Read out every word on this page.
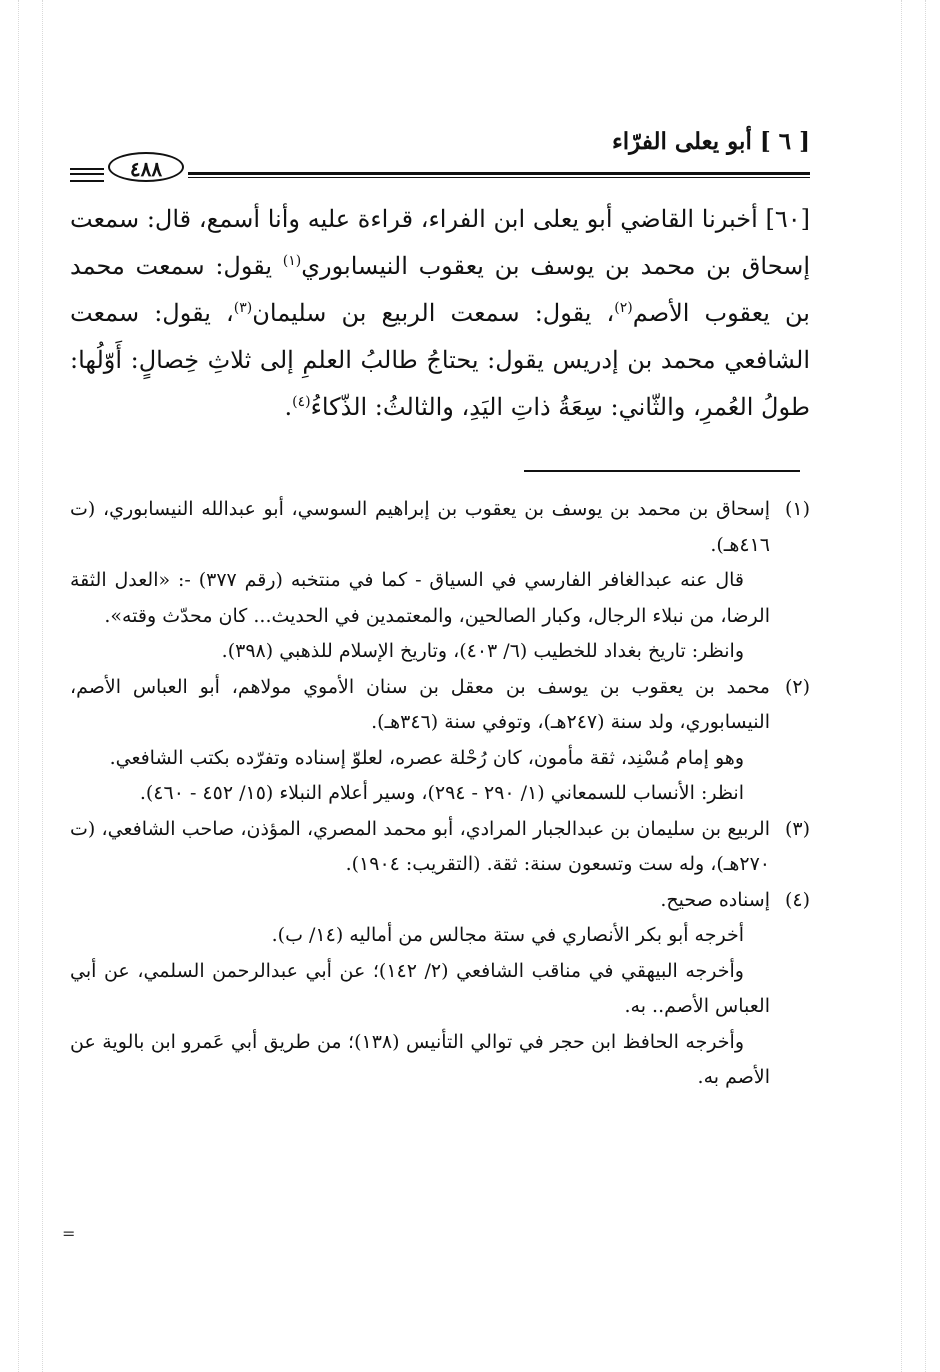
[ ٦ ] أبو يعلى الفرّاء
٤٨٨

[٦٠] أخبرنا القاضي أبو يعلى ابن الفراء، قراءة عليه وأنا أسمع، قال: سمعت إسحاق بن محمد بن يوسف بن يعقوب النيسابوري$^{(١)}$ يقول: سمعت محمد بن يعقوب الأصم$^{(٢)}$، يقول: سمعت الربيع بن سليمان$^{(٣)}$، يقول: سمعت الشافعي محمد بن إدريس يقول: يحتاجُ طالبُ العلمِ إلى ثلاثِ خِصالٍ: أَوّلُها: طولُ العُمرِ، والثّاني: سِعَةُ ذاتِ اليَدِ، والثالثُ: الذّكاءُ$^{(٤)}$.

(١)

إسحاق بن محمد بن يوسف بن يعقوب بن إبراهيم السوسي، أبو عبدالله النيسابوري، (ت ٤١٦هـ).

قال عنه عبدالغافر الفارسي في السياق - كما في منتخبه (رقم ٣٧٧) -: «العدل الثقة الرضا، من نبلاء الرجال، وكبار الصالحين، والمعتمدين في الحديث... كان محدّث وقته».

وانظر: تاريخ بغداد للخطيب (٦/ ٤٠٣)، وتاريخ الإسلام للذهبي (٣٩٨).

(٢)

محمد بن يعقوب بن يوسف بن معقل بن سنان الأموي مولاهم، أبو العباس الأصم، النيسابوري، ولد سنة (٢٤٧هـ)، وتوفي سنة (٣٤٦هـ).

وهو إمام مُسْنِد، ثقة مأمون، كان رُحْلة عصره، لعلوّ إسناده وتفرّده بكتب الشافعي.

انظر: الأنساب للسمعاني (١/ ٢٩٠ - ٢٩٤)، وسير أعلام النبلاء (١٥/ ٤٥٢ - ٤٦٠).

(٣)

الربيع بن سليمان بن عبدالجبار المرادي، أبو محمد المصري، المؤذن، صاحب الشافعي، (ت ٢٧٠هـ)، وله ست وتسعون سنة: ثقة. (التقريب: ١٩٠٤).

(٤)

إسناده صحيح.

أخرجه أبو بكر الأنصاري في ستة مجالس من أماليه (١٤/ ب).

وأخرجه البيهقي في مناقب الشافعي (٢/ ١٤٢)؛ عن أبي عبدالرحمن السلمي، عن أبي العباس الأصم.. به.

وأخرجه الحافظ ابن حجر في توالي التأنيس (١٣٨)؛ من طريق أبي عَمرو ابن بالوية عن الأصم به.

=
